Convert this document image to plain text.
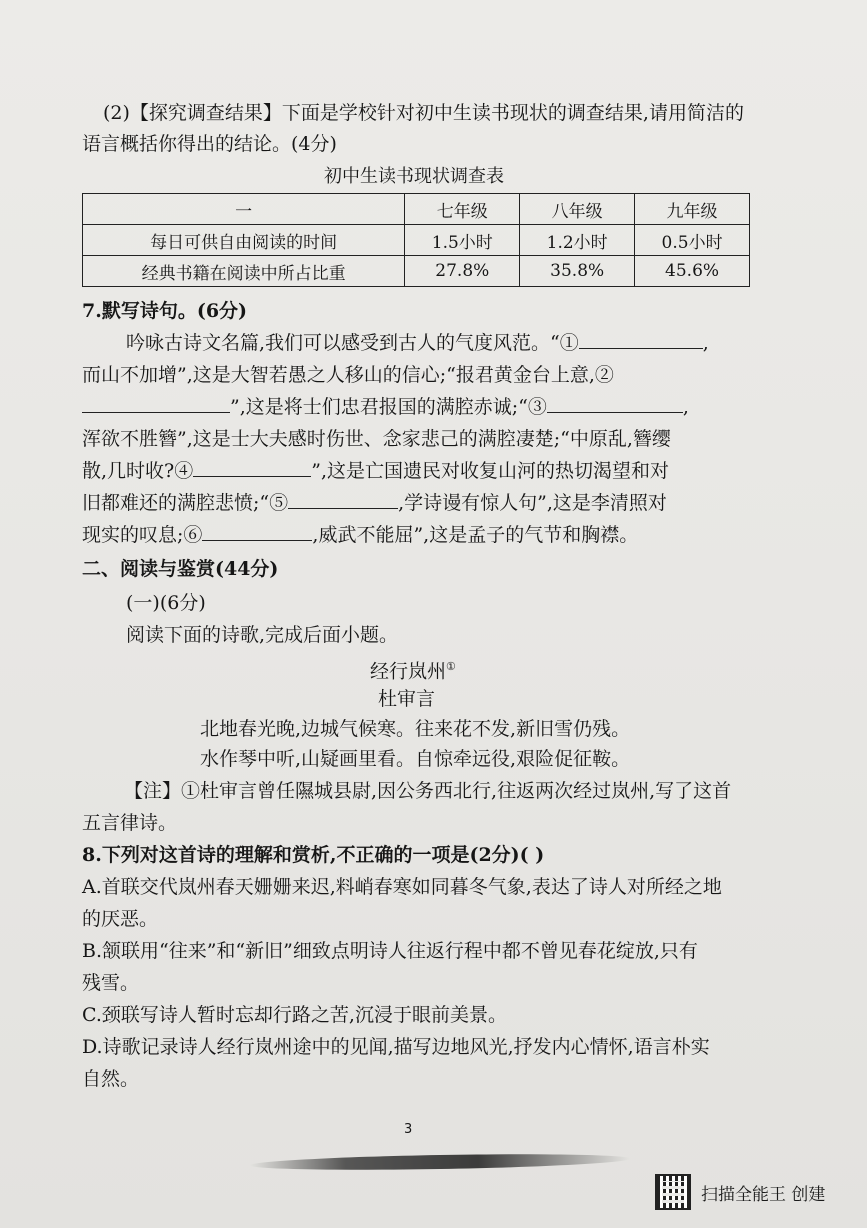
(2)【探究调查结果】下面是学校针对初中生读书现状的调查结果,请用简洁的
语言概括你得出的结论。(4分)
初中生读书现状调查表
一	七年级	八年级	九年级
每日可供自由阅读的时间	1.5小时	1.2小时	0.5小时
经典书籍在阅读中所占比重	27.8%	35.8%	45.6%
7.默写诗句。(6分)
吟咏古诗文名篇,我们可以感受到古人的气度风范。“①	,
而山不加增”,这是大智若愚之人移山的信心;“报君黄金台上意,②
”,这是将士们忠君报国的满腔赤诚;“③	,
浑欲不胜簪”,这是士大夫感时伤世、念家悲己的满腔凄楚;“中原乱,簪缨
散,几时收?④	”,这是亡国遗民对收复山河的热切渴望和对
旧都难还的满腔悲愤;“⑤	,学诗谩有惊人句”,这是李清照对
现实的叹息;⑥	,威武不能屈”,这是孟子的气节和胸襟。
二、阅读与鉴赏(44分)
(一)(6分)
阅读下面的诗歌,完成后面小题。
经行岚州①
杜审言
北地春光晚,边城气候寒。往来花不发,新旧雪仍残。
水作琴中听,山疑画里看。自惊牵远役,艰险促征鞍。
【注】①杜审言曾任隰城县尉,因公务西北行,往返两次经过岚州,写了这首
五言律诗。
8.下列对这首诗的理解和赏析,不正确的一项是(2分)( )
A.首联交代岚州春天姗姗来迟,料峭春寒如同暮冬气象,表达了诗人对所经之地
的厌恶。
B.颔联用“往来”和“新旧”细致点明诗人往返行程中都不曾见春花绽放,只有
残雪。
C.颈联写诗人暂时忘却行路之苦,沉浸于眼前美景。
D.诗歌记录诗人经行岚州途中的见闻,描写边地风光,抒发内心情怀,语言朴实
自然。
3
扫描全能王 创建
